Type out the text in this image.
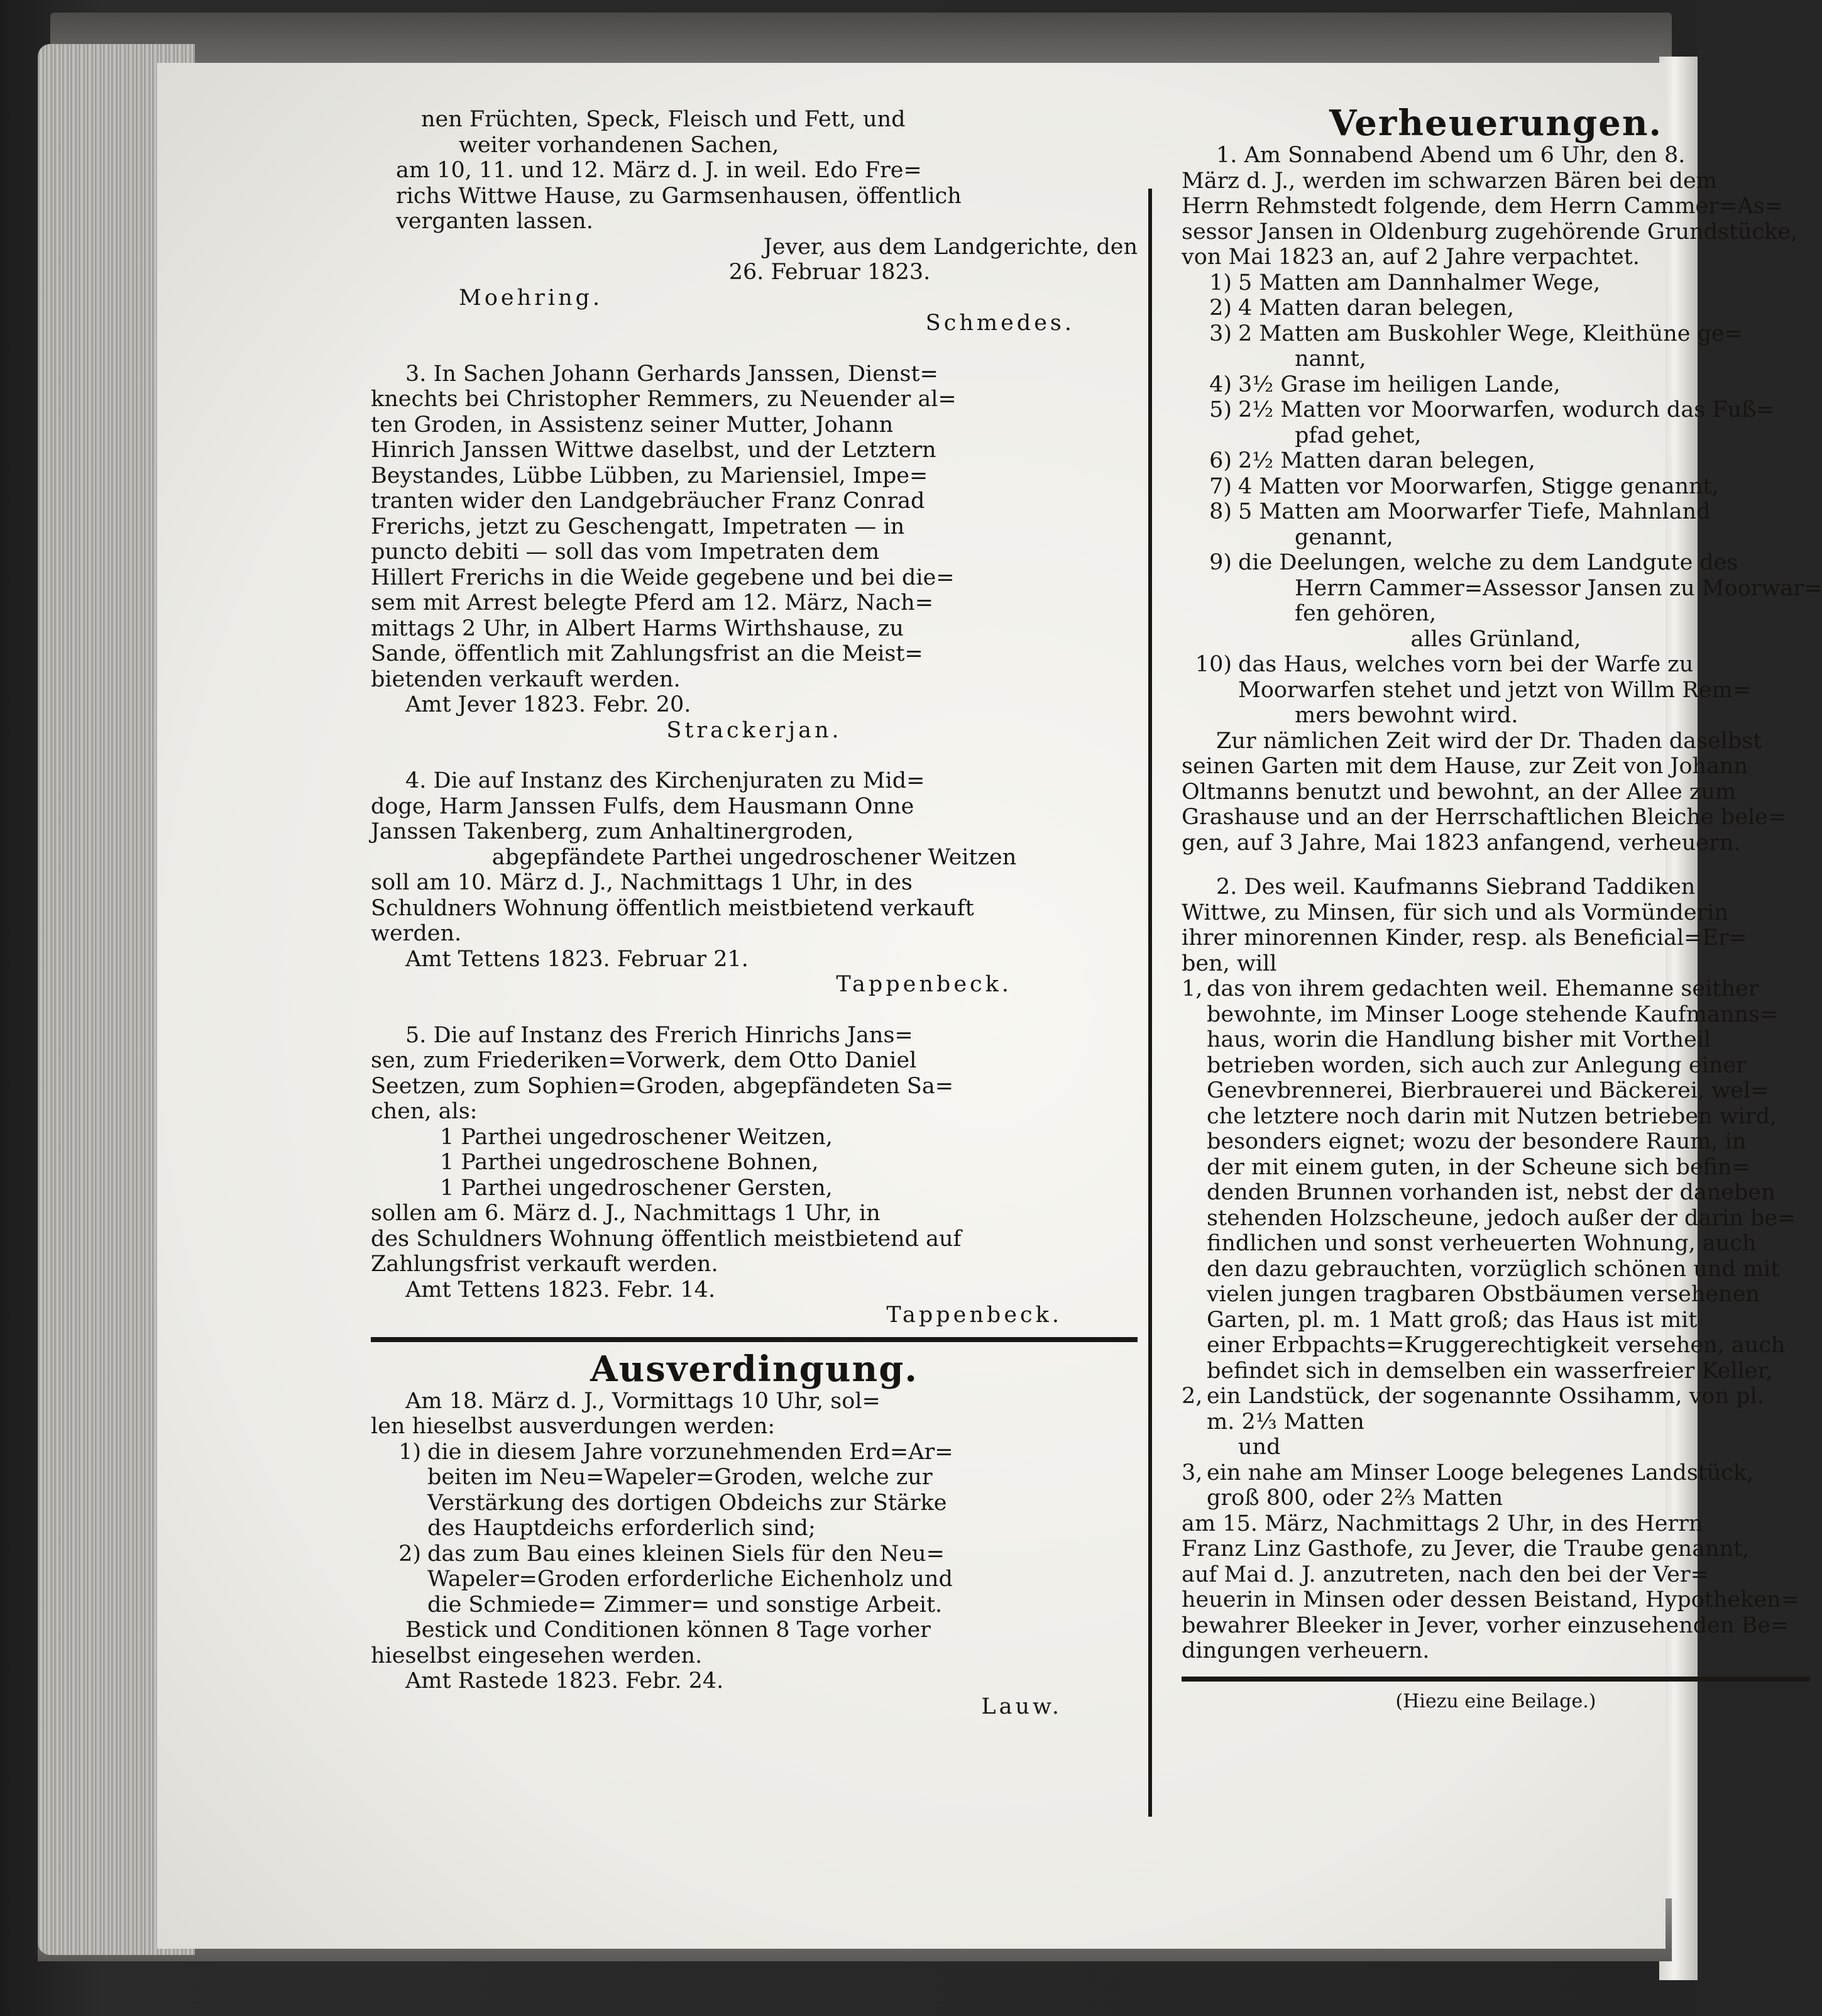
nen Früchten, Speck, Fleisch und Fett, und

weiter vorhandenen Sachen,

am 10, 11. und 12. März d. J. in weil. Edo Fre=

richs Wittwe Hause, zu Garmsenhausen, öffentlich

verganten lassen.

Jever, aus dem Landgerichte, den

26. Februar 1823.

Moehring.

Schmedes.

3. In Sachen Johann Gerhards Janssen, Dienst=

knechts bei Christopher Remmers, zu Neuender al=

ten Groden, in Assistenz seiner Mutter, Johann

Hinrich Janssen Wittwe daselbst, und der Letztern

Beystandes, Lübbe Lübben, zu Mariensiel, Impe=

tranten wider den Landgebräucher Franz Conrad

Frerichs, jetzt zu Geschengatt, Impetraten — in

puncto debiti — soll das vom Impetraten dem

Hillert Frerichs in die Weide gegebene und bei die=

sem mit Arrest belegte Pferd am 12. März, Nach=

mittags 2 Uhr, in Albert Harms Wirthshause, zu

Sande, öffentlich mit Zahlungsfrist an die Meist=

bietenden verkauft werden.

Amt Jever 1823. Febr. 20.

Strackerjan.

4. Die auf Instanz des Kirchenjuraten zu Mid=

doge, Harm Janssen Fulfs, dem Hausmann Onne

Janssen Takenberg, zum Anhaltinergroden,

abgepfändete Parthei ungedroschener Weitzen

soll am 10. März d. J., Nachmittags 1 Uhr, in des

Schuldners Wohnung öffentlich meistbietend verkauft

werden.

Amt Tettens 1823. Februar 21.

Tappenbeck.

5. Die auf Instanz des Frerich Hinrichs Jans=

sen, zum Friederiken=Vorwerk, dem Otto Daniel

Seetzen, zum Sophien=Groden, abgepfändeten Sa=

chen, als:

1 Parthei ungedroschener Weitzen,

1 Parthei ungedroschene Bohnen,

1 Parthei ungedroschener Gersten,

sollen am 6. März d. J., Nachmittags 1 Uhr, in

des Schuldners Wohnung öffentlich meistbietend auf

Zahlungsfrist verkauft werden.

Amt Tettens 1823. Febr. 14.

Tappenbeck.

Ausverdingung.

Am 18. März d. J., Vormittags 10 Uhr, sol=

len hieselbst ausverdungen werden:

1) die in diesem Jahre vorzunehmenden Erd=Ar=

beiten im Neu=Wapeler=Groden, welche zur

Verstärkung des dortigen Obdeichs zur Stärke

des Hauptdeichs erforderlich sind;

2) das zum Bau eines kleinen Siels für den Neu=

Wapeler=Groden erforderliche Eichenholz und

die Schmiede= Zimmer= und sonstige Arbeit.

Bestick und Conditionen können 8 Tage vorher

hieselbst eingesehen werden.

Amt Rastede 1823. Febr. 24.

Lauw.

Verheuerungen.

1. Am Sonnabend Abend um 6 Uhr, den 8.

März d. J., werden im schwarzen Bären bei dem

Herrn Rehmstedt folgende, dem Herrn Cammer=As=

sessor Jansen in Oldenburg zugehörende Grundstücke,

von Mai 1823 an, auf 2 Jahre verpachtet.

1) 5 Matten am Dannhalmer Wege,

2) 4 Matten daran belegen,

3) 2 Matten am Buskohler Wege, Kleithüne ge=

nannt,

4) 3½ Grase im heiligen Lande,

5) 2½ Matten vor Moorwarfen, wodurch das Fuß=

pfad gehet,

6) 2½ Matten daran belegen,

7) 4 Matten vor Moorwarfen, Stigge genannt,

8) 5 Matten am Moorwarfer Tiefe, Mahnland

genannt,

9) die Deelungen, welche zu dem Landgute des

Herrn Cammer=Assessor Jansen zu Moorwar=

fen gehören,

alles Grünland,

10) das Haus, welches vorn bei der Warfe zu

Moorwarfen stehet und jetzt von Willm Rem=

mers bewohnt wird.

Zur nämlichen Zeit wird der Dr. Thaden daselbst

seinen Garten mit dem Hause, zur Zeit von Johann

Oltmanns benutzt und bewohnt, an der Allee zum

Grashause und an der Herrschaftlichen Bleiche bele=

gen, auf 3 Jahre, Mai 1823 anfangend, verheuern.

2. Des weil. Kaufmanns Siebrand Taddiken

Wittwe, zu Minsen, für sich und als Vormünderin

ihrer minorennen Kinder, resp. als Beneficial=Er=

ben, will

1, das von ihrem gedachten weil. Ehemanne seither

bewohnte, im Minser Looge stehende Kaufmanns=

haus, worin die Handlung bisher mit Vortheil

betrieben worden, sich auch zur Anlegung einer

Genevbrennerei, Bierbrauerei und Bäckerei, wel=

che letztere noch darin mit Nutzen betrieben wird,

besonders eignet; wozu der besondere Raum, in

der mit einem guten, in der Scheune sich befin=

denden Brunnen vorhanden ist, nebst der daneben

stehenden Holzscheune, jedoch außer der darin be=

findlichen und sonst verheuerten Wohnung, auch

den dazu gebrauchten, vorzüglich schönen und mit

vielen jungen tragbaren Obstbäumen versehenen

Garten, pl. m. 1 Matt groß; das Haus ist mit

einer Erbpachts=Kruggerechtigkeit versehen, auch

befindet sich in demselben ein wasserfreier Keller,

2, ein Landstück, der sogenannte Ossihamm, von pl.

m. 2⅓ Matten

und

3, ein nahe am Minser Looge belegenes Landstück,

groß 800, oder 2⅔ Matten

am 15. März, Nachmittags 2 Uhr, in des Herrn

Franz Linz Gasthofe, zu Jever, die Traube genannt,

auf Mai d. J. anzutreten, nach den bei der Ver=

heuerin in Minsen oder dessen Beistand, Hypotheken=

bewahrer Bleeker in Jever, vorher einzusehenden Be=

dingungen verheuern.

(Hiezu eine Beilage.)
